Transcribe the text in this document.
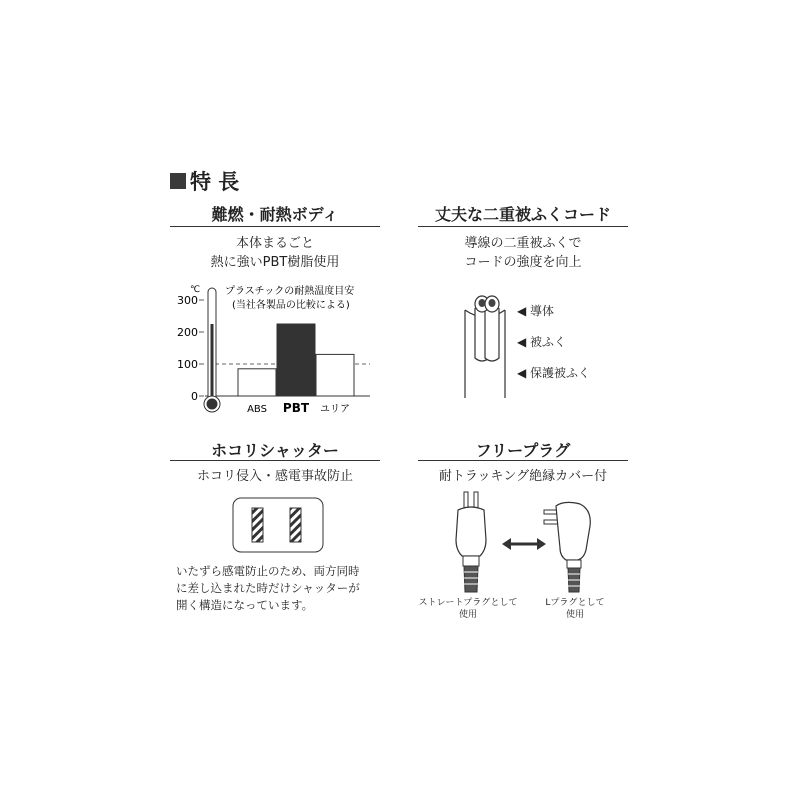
特 長
難燃・耐熱ボディ
本体まるごと
熱に強いPBT樹脂使用
℃ プラスチックの耐熱温度目安
(当社各製品の比較による)
0
100
200
300
ABS PBT ユリア
丈夫な二重被ふくコード
導線の二重被ふくで
コードの強度を向上
◀ 導体
◀ 被ふく
◀ 保護被ふく
ホコリシャッター
ホコリ侵入・感電事故防止
いたずら感電防止のため、両方同時
に差し込まれた時だけシャッターが
開く構造になっています。
フリープラグ
耐トラッキング絶縁カバー付
ストレートプラグとして
使用
Lプラグとして
使用
